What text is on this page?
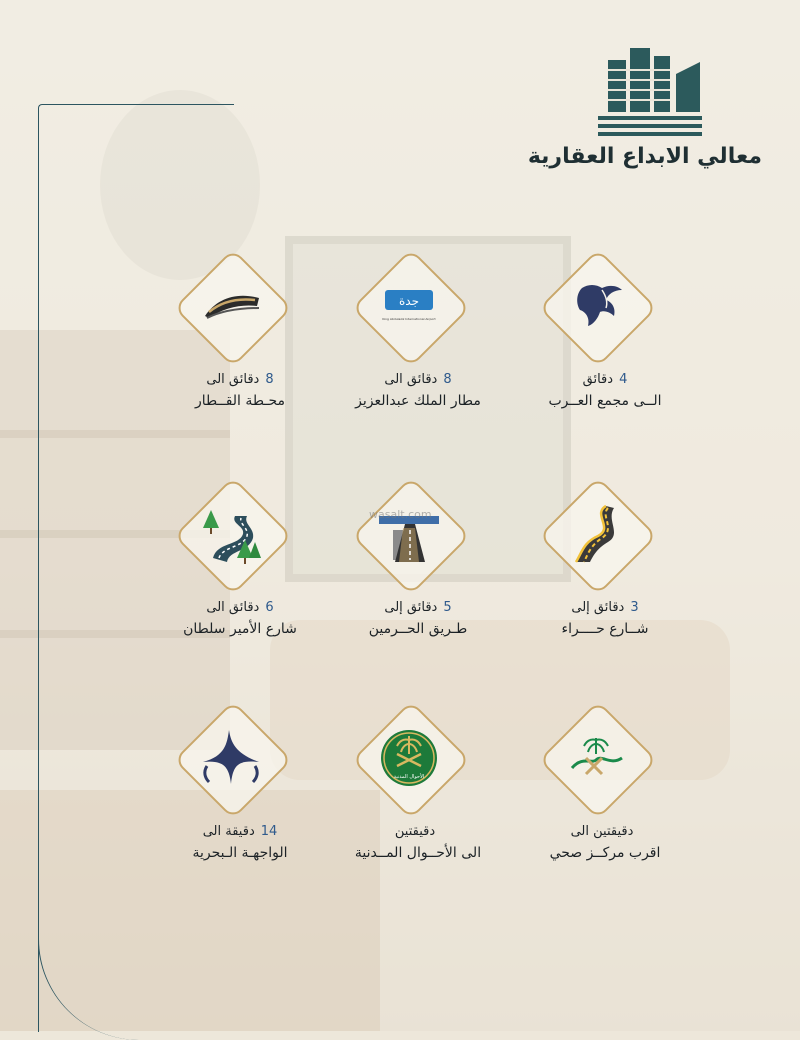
معالي الابداع العقارية
4دقائق
الــى مجمع العــرب
جدة
King Abdulaziz International Airport
8دقائق الى
مطار الملك عبدالعزيز
8دقائق الى
محـطة القــطار
3دقائق إلى
شــارع حــــراء
wasalt.com
5دقائق إلى
طـريق الحــرمين
6دقائق الى
شارع الأمير سلطان
دقيقتين الى
اقرب مركــز صحي
الأحوال المدنية
دقيقتين
الى الأحــوال المــدنية
14دقيقة الى
الواجهـة الـبحرية
